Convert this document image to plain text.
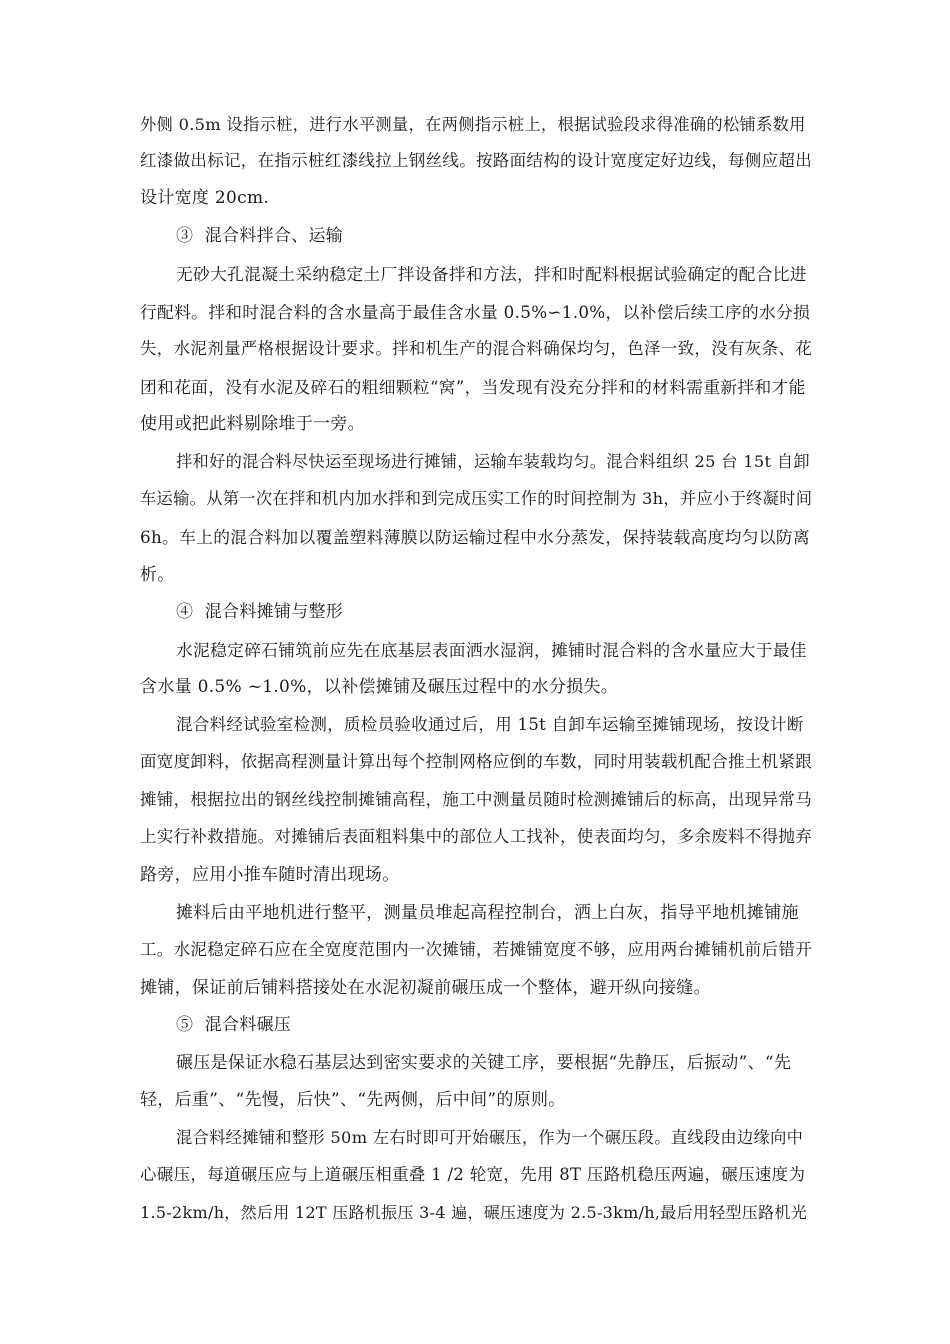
外侧 0.5m 设指示桩，进行水平测量，在两侧指示桩上，根据试验段求得准确的松铺系数用
红漆做出标记，在指示桩红漆线拉上钢丝线。按路面结构的设计宽度定好边线，每侧应超出
设计宽度 20cm.
③  混合料拌合、运输
无砂大孔混凝土采纳稳定土厂拌设备拌和方法，拌和时配料根据试验确定的配合比进
行配料。拌和时混合料的含水量高于最佳含水量 0.5%∽1.0%，以补偿后续工序的水分损
失，水泥剂量严格根据设计要求。拌和机生产的混合料确保均匀，色泽一致，没有灰条、花
团和花面，没有水泥及碎石的粗细颗粒“窝”，当发现有没充分拌和的材料需重新拌和才能
使用或把此料剔除堆于一旁。
拌和好的混合料尽快运至现场进行摊铺，运输车装载均匀。混合料组织 25 台 15t 自卸
车运输。从第一次在拌和机内加水拌和到完成压实工作的时间控制为 3h，并应小于终凝时间
6h。车上的混合料加以覆盖塑料薄膜以防运输过程中水分蒸发，保持装载高度均匀以防离
析。
④  混合料摊铺与整形
水泥稳定碎石铺筑前应先在底基层表面洒水湿润，摊铺时混合料的含水量应大于最佳
含水量 0.5% ~1.0%，以补偿摊铺及碾压过程中的水分损失。
混合料经试验室检测，质检员验收通过后，用 15t 自卸车运输至摊铺现场，按设计断
面宽度卸料，依据高程测量计算出每个控制网格应倒的车数，同时用装载机配合推土机紧跟
摊铺，根据拉出的钢丝线控制摊铺高程，施工中测量员随时检测摊铺后的标高，出现异常马
上实行补救措施。对摊铺后表面粗料集中的部位人工找补，使表面均匀，多余废料不得抛弃
路旁，应用小推车随时清出现场。
摊料后由平地机进行整平，测量员堆起高程控制台，洒上白灰，指导平地机摊铺施
工。水泥稳定碎石应在全宽度范围内一次摊铺，若摊铺宽度不够，应用两台摊铺机前后错开
摊铺，保证前后铺料搭接处在水泥初凝前碾压成一个整体，避开纵向接缝。
⑤  混合料碾压
碾压是保证水稳石基层达到密实要求的关键工序，要根据“先静压，后振动”、“先
轻，后重”、“先慢，后快”、“先两侧，后中间”的原则。
混合料经摊铺和整形 50m 左右时即可开始碾压，作为一个碾压段。直线段由边缘向中
心碾压，每道碾压应与上道碾压相重叠 1 /2 轮宽，先用 8T 压路机稳压两遍，碾压速度为
1.5-2km/h，然后用 12T 压路机振压 3-4 遍，碾压速度为 2.5-3km/h,最后用轻型压路机光
